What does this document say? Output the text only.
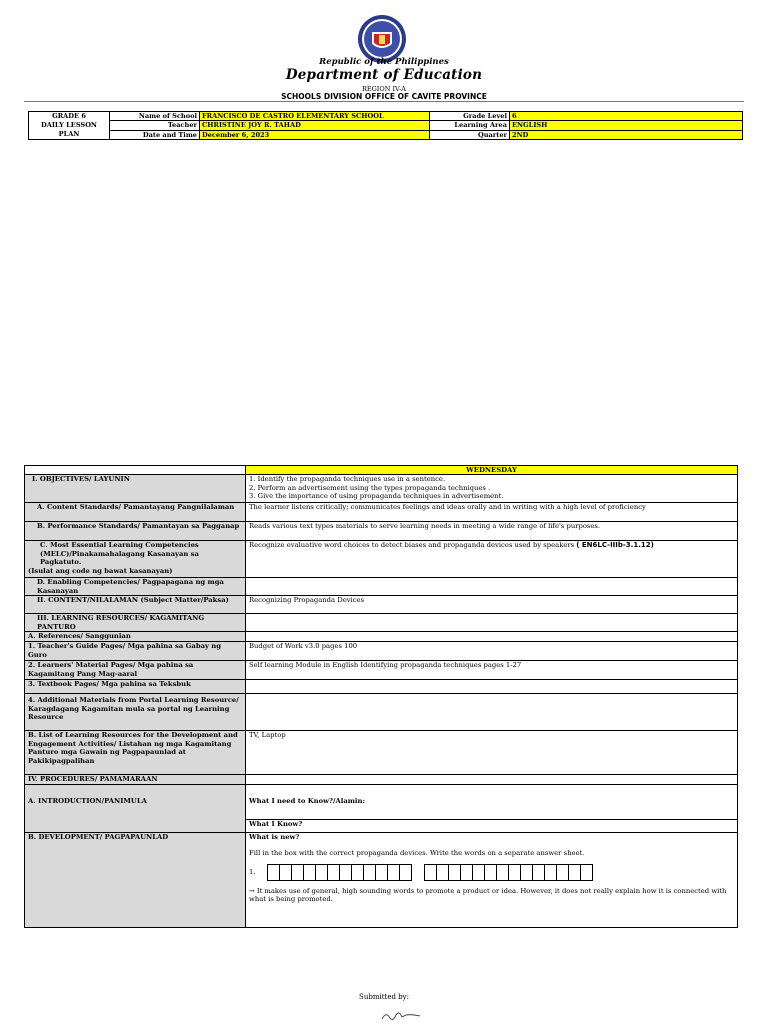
Republic of the Philippines
Department of Education
REGION IV-A
SCHOOLS DIVISION OFFICE OF CAVITE PROVINCE
GRADE 6
DAILY LESSON
PLAN	Name of School	FRANCISCO DE CASTRO ELEMENTARY SCHOOL	Grade Level	6
	Teacher	CHRISTINE JOY R. TAHAD	Learning Area	ENGLISH
	Date and Time	December 6, 2023	Quarter	2ND
	WEDNESDAY
I. OBJECTIVES/ LAYUNIN	1. Identify the propaganda techniques use in a sentence.
2. Perform an advertisement using the types propaganda techniques .
3. Give the importance of using propaganda techniques in advertisement.

A. Content Standards/ Pamantayang Pangnilalaman	The learner listens critically; communicates feelings and ideas orally and in writing with a high level of proficiency
B. Performance Standards/ Pamantayan sa Pagganap	Reads various text types materials to serve learning needs in meeting a wide range of life's purposes.

C. Most Essential Learning Competencies (MELC)/Pinakamahalagang Kasanayan sa Pagkatuto.
(Isulat ang code ng bawat kasanayan)	Recognize evaluative word choices to detect biases and propaganda devices used by speakers ( EN6LC-IIIb-3.1.12)
D. Enabling Competencies/ Pagpapagana ng mga Kasanayan	
II. CONTENT/NILALAMAN (Subject Matter/Paksa)	Recognizing Propaganda Devices
III. LEARNING RESOURCES/ KAGAMITANG PANTURO	
A. References/ Sanggunian	
1. Teacher's Guide Pages/ Mga pahina sa Gabay ng Guro	Budget of Work v3.0 pages 100
2. Learners' Material Pages/ Mga pahina sa Kagamitang Pang Mag-aaral	Self learning Module in English Identifying propaganda techniques pages 1-27
3. Textbook Pages/ Mga pahina sa Teksbuk	
4. Additional Materials from Portal Learning Resource/ Karagdagang Kagamitan mula sa portal ng Learning Resource	
B. List of Learning Resources for the Development and Engagement Activities/ Listahan ng mga Kagamitang Panturo mga Gawain ng Pagpapaunlad at Pakikipagpalihan	TV, Laptop
IV. PROCEDURES/ PAMAMARAAN	
A. INTRODUCTION/PANIMULA	What I need to Know?/Alamin:
	What I Know?
B. DEVELOPMENT/ PAGPAPAUNLAD	What is new?
Fill in the box with the correct propaganda devices. Write the words on a separate answer sheet.
1.
→ It makes use of general, high sounding words to promote a product or idea. However, it does not really explain how it is connected with what is being promoted.
Submitted by:
